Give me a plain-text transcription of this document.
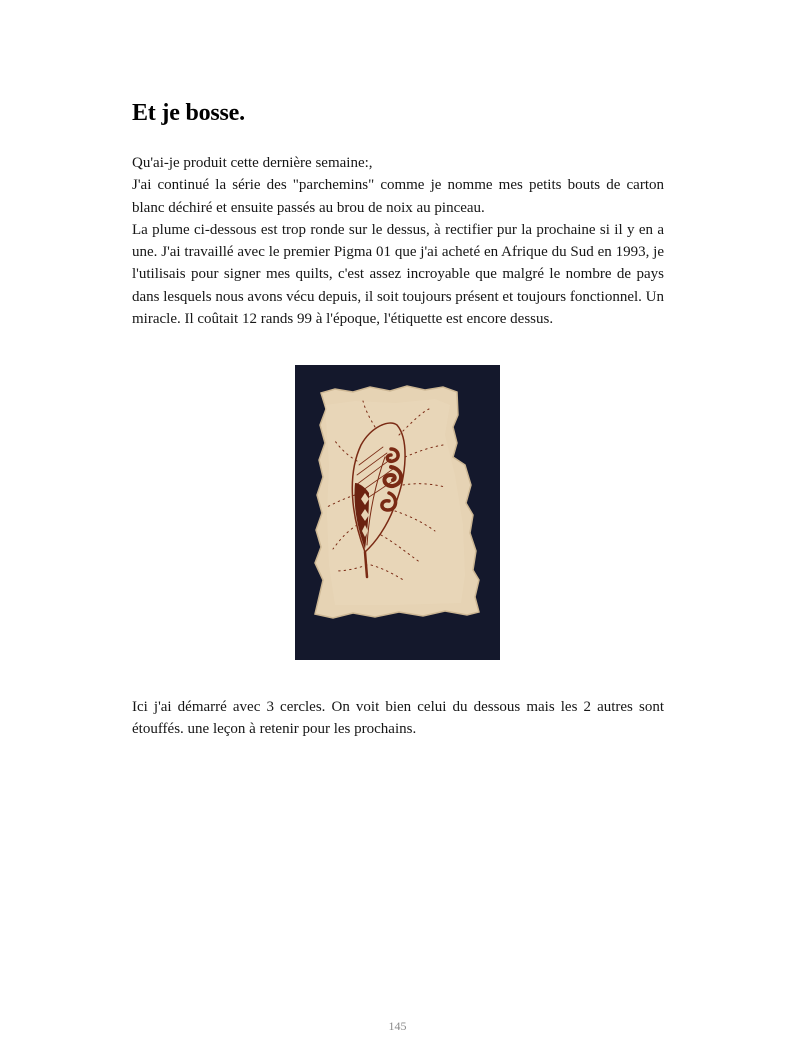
Et je bosse.

Qu'ai-je produit cette dernière semaine:,

J'ai continué la série des "parchemins" comme je nomme mes petits bouts de carton blanc déchiré et ensuite passés au brou de noix au pinceau.

La plume ci-dessous est trop ronde sur le dessus, à rectifier pur la prochaine si il y en a une. J'ai travaillé avec le premier Pigma 01 que j'ai acheté en Afrique du Sud en 1993, je l'utilisais pour signer mes quilts, c'est assez incroyable que malgré le nombre de pays dans lesquels nous avons vécu depuis, il soit toujours présent et toujours fonctionnel. Un miracle. Il coûtait 12 rands 99 à l'époque, l'étiquette est encore dessus.

Ici j'ai démarré avec 3 cercles. On voit bien celui du dessous mais les 2 autres sont étouffés. une leçon à retenir pour les prochains.

145
